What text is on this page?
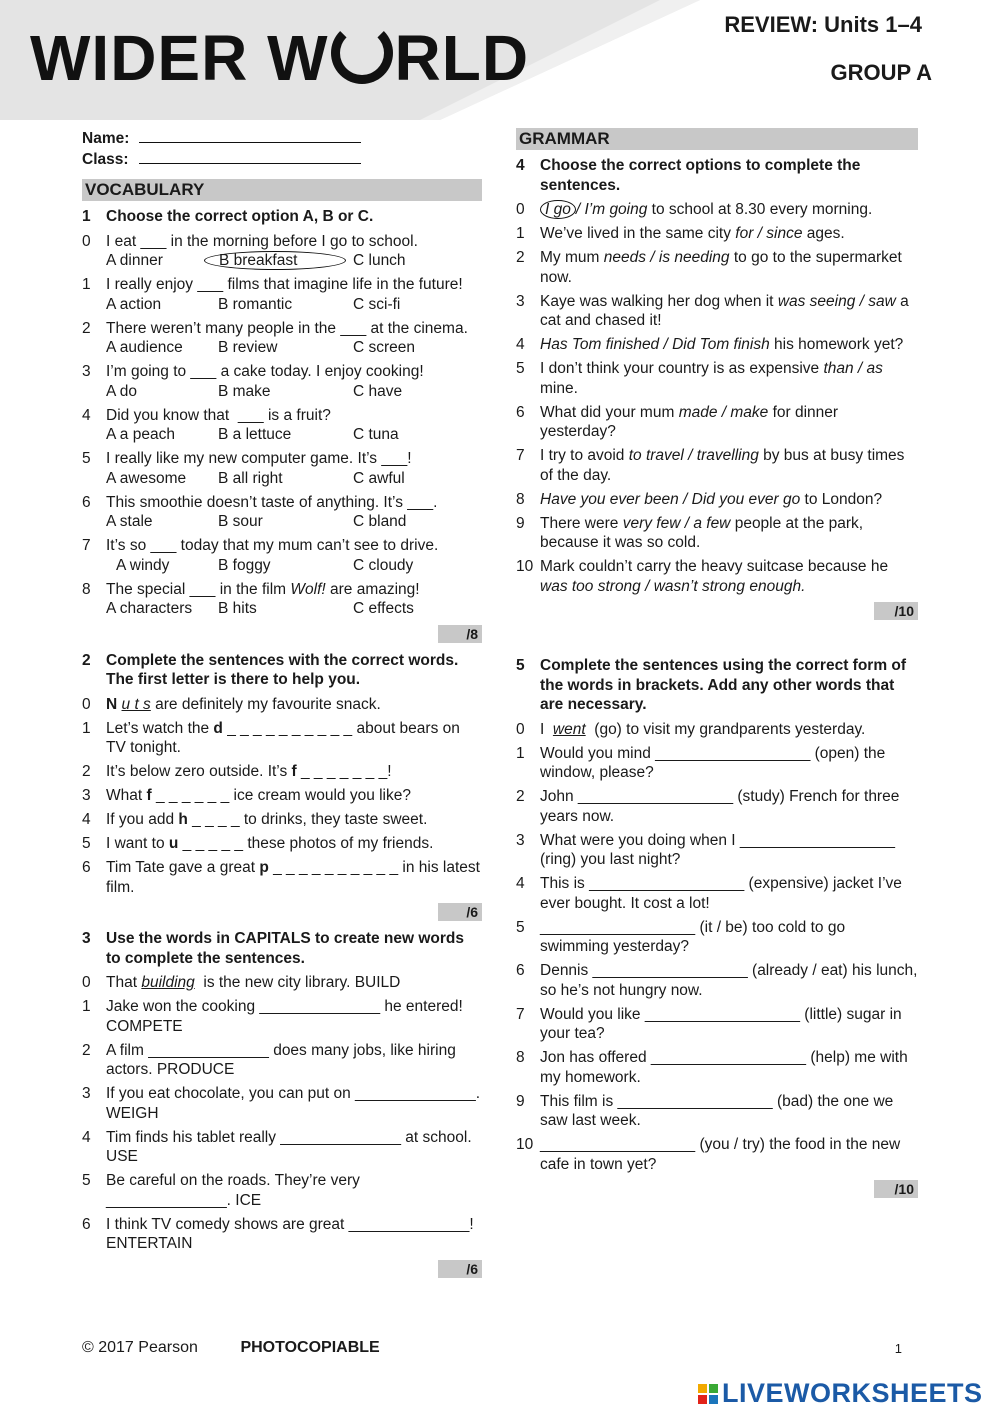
WIDER W RLD	REVIEW: Units 1–4
GROUP A
Name:
Class:
VOCABULARY
1 Choose the correct option A, B or C.
0 I eat ___ in the morning before I go to school.
A dinner	B breakfast	C lunch
1 I really enjoy ___ films that imagine life in the future!
A action	B romantic	C sci-fi
2 There weren’t many people in the ___ at the cinema.
A audience	B review	C screen
3 I’m going to ___ a cake today. I enjoy cooking!
A do	B make	C have
4 Did you know that  ___ is a fruit?
A a peach	B a lettuce	C tuna
5 I really like my new computer game. It’s ___!
A awesome	B all right	C awful
6 This smoothie doesn’t taste of anything. It’s ___.
A stale	B sour	C bland
7 It’s so ___ today that my mum can’t see to drive.
A windy	B foggy	C cloudy
8 The special ___ in the film Wolf! are amazing!
A characters	B hits	C effects
/8
2 Complete the sentences with the correct words. The first letter is there to help you.
0 N u t s are definitely my favourite snack.
1 Let’s watch the d _ _ _ _ _ _ _ _ _ _ about bears on TV tonight.
2 It’s below zero outside. It’s f _ _ _ _ _ _ _!
3 What f _ _ _ _ _ _ ice cream would you like?
4 If you add h _ _ _ _ to drinks, they taste sweet.
5 I want to u _ _ _ _ _ these photos of my friends.
6 Tim Tate gave a great p _ _ _ _ _ _ _ _ _ _ in his latest film.
/6
3 Use the words in CAPITALS to create new words to complete the sentences.
0 That building  is the new city library. BUILD
1 Jake won the cooking ______________ he entered! COMPETE
2 A film ______________ does many jobs, like hiring actors. PRODUCE
3 If you eat chocolate, you can put on ______________. WEIGH
4 Tim finds his tablet really ______________ at school. USE
5 Be careful on the roads. They’re very ______________. ICE
6 I think TV comedy shows are great ______________! ENTERTAIN
/6
GRAMMAR
4 Choose the correct options to complete the sentences.
0	I go / I’m going to school at 8.30 every morning.
1 We’ve lived in the same city for / since ages.
2 My mum needs / is needing to go to the supermarket now.
3 Kaye was walking her dog when it was seeing / saw a cat and chased it!
4 Has Tom finished / Did Tom finish his homework yet?
5 I don’t think your country is as expensive than / as mine.
6 What did your mum made / make for dinner yesterday?
7 I try to avoid to travel / travelling by bus at busy times of the day.
8 Have you ever been / Did you ever go to London?
9 There were very few / a few people at the park, because it was so cold.
10 Mark couldn’t carry the heavy suitcase because he was too strong / wasn’t strong enough.
/10
5 Complete the sentences using the correct form of the words in brackets. Add any other words that are necessary.
0 I  went  (go) to visit my grandparents yesterday.
1 Would you mind __________________ (open) the window, please?
2 John __________________ (study) French for three years now.
3 What were you doing when I __________________ (ring) you last night?
4 This is __________________ (expensive) jacket I’ve ever bought. It cost a lot!
5 __________________ (it / be) too cold to go swimming yesterday?
6 Dennis __________________ (already / eat) his lunch, so he’s not hungry now.
7 Would you like __________________ (little) sugar in your tea?
8 Jon has offered __________________ (help) me with my homework.
9 This film is __________________ (bad) the one we saw last week.
10 __________________ (you / try) the food in the new cafe in town yet?
/10
© 2017 Pearson	PHOTOCOPIABLE	1
LIVEWORKSHEETS
